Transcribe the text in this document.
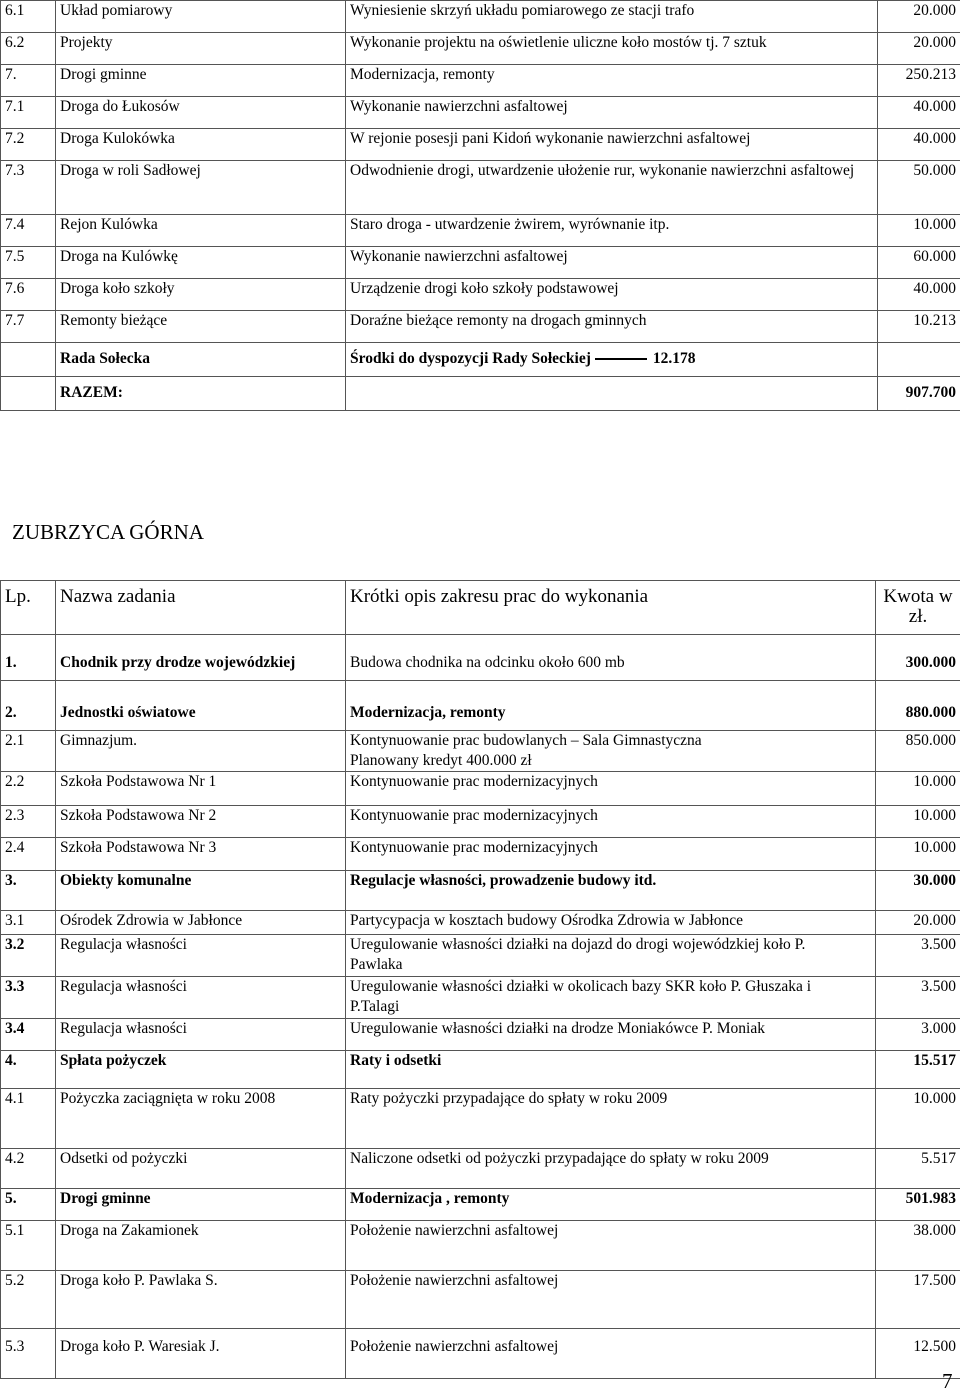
6.1	Układ pomiarowy	Wyniesienie skrzyń układu pomiarowego ze stacji trafo	20.000
6.2	Projekty	Wykonanie projektu na oświetlenie uliczne koło mostów tj. 7 sztuk	20.000
7.	Drogi gminne	Modernizacja, remonty	250.213
7.1	Droga do Łukosów	Wykonanie nawierzchni asfaltowej	40.000
7.2	Droga Kulokówka	W rejonie posesji pani Kidoń wykonanie nawierzchni asfaltowej	40.000
7.3	Droga w roli Sadłowej	Odwodnienie drogi, utwardzenie ułożenie rur, wykonanie nawierzchni asfaltowej	50.000
7.4	Rejon Kulówka	Staro droga - utwardzenie żwirem, wyrównanie itp.	10.000
7.5	Droga na Kulówkę	Wykonanie nawierzchni asfaltowej	60.000
7.6	Droga koło szkoły	Urządzenie drogi koło szkoły podstawowej	40.000
7.7	Remonty bieżące	Doraźne bieżące remonty na drogach gminnych	10.213
	Rada Sołecka	Środki do dyspozycji Rady Sołeckiej 12.178	
	RAZEM:		907.700
ZUBRZYCA GÓRNA
Lp.	Nazwa zadania	Krótki opis zakresu prac do wykonania	Kwota w zł.
1.	Chodnik przy drodze wojewódzkiej	Budowa chodnika na odcinku około 600 mb	300.000
2.	Jednostki oświatowe	Modernizacja, remonty	880.000
2.1	Gimnazjum.	Kontynuowanie prac budowlanych – Sala Gimnastyczna Planowany kredyt 400.000 zł	850.000
2.2	Szkoła Podstawowa Nr 1	Kontynuowanie prac modernizacyjnych	10.000
2.3	Szkoła Podstawowa Nr 2	Kontynuowanie prac modernizacyjnych	10.000
2.4	Szkoła Podstawowa Nr 3	Kontynuowanie prac modernizacyjnych	10.000
3.	Obiekty komunalne	Regulacje własności, prowadzenie budowy itd.	30.000
3.1	Ośrodek Zdrowia w Jabłonce	Partycypacja w kosztach budowy Ośrodka Zdrowia w Jabłonce	20.000
3.2	Regulacja własności	Uregulowanie własności działki na dojazd do drogi wojewódzkiej koło P. Pawlaka	3.500
3.3	Regulacja własności	Uregulowanie własności działki w okolicach bazy SKR koło P. Głuszaka i P.Talagi	3.500
3.4	Regulacja własności	Uregulowanie własności działki na drodze Moniakówce P. Moniak	3.000
4.	Spłata pożyczek	Raty i odsetki	15.517
4.1	Pożyczka zaciągnięta w roku 2008	Raty pożyczki przypadające do spłaty w roku 2009	10.000
4.2	Odsetki od pożyczki	Naliczone odsetki od pożyczki przypadające do spłaty w roku 2009	5.517
5.	Drogi gminne	Modernizacja , remonty	501.983
5.1	Droga na Zakamionek	Położenie nawierzchni asfaltowej	38.000
5.2	Droga koło P. Pawlaka S.	Położenie nawierzchni asfaltowej	17.500
5.3	Droga koło P. Waresiak J.	Położenie nawierzchni asfaltowej	12.500
7
